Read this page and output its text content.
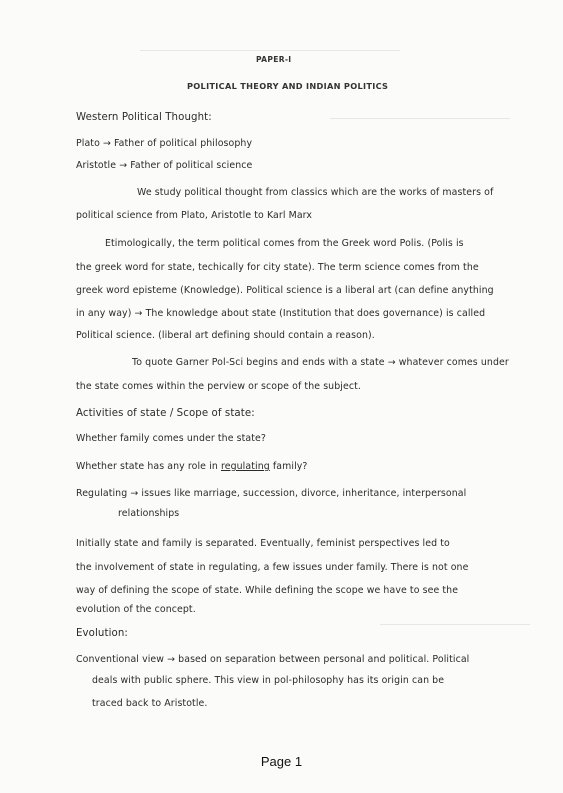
PAPER-I
POLITICAL THEORY AND INDIAN POLITICS
Western Political Thought:
Plato → Father of political philosophy
Aristotle → Father of political science
We study political thought from classics which are the works of masters of
political science from Plato, Aristotle to Karl Marx
Etimologically, the term political comes from the Greek word Polis. (Polis is
the greek word for state, techically for city state). The term science comes from the
greek word episteme (Knowledge). Political science is a liberal art (can define anything
in any way) → The knowledge about state (Institution that does governance) is called
Political science. (liberal art defining should contain a reason).
To quote Garner Pol-Sci begins and ends with a state → whatever comes under
the state comes within the perview or scope of the subject.
Activities of state / Scope of state:
Whether family comes under the state?
Whether state has any role in regulating family?
Regulating → issues like marriage, succession, divorce, inheritance, interpersonal
relationships
Initially state and family is separated. Eventually, feminist perspectives led to
the involvement of state in regulating, a few issues under family. There is not one
way of defining the scope of state. While defining the scope we have to see the
evolution of the concept.
Evolution:
Conventional view → based on separation between personal and political. Political
deals with public sphere. This view in pol-philosophy has its origin can be
traced back to Aristotle.
Page 1
